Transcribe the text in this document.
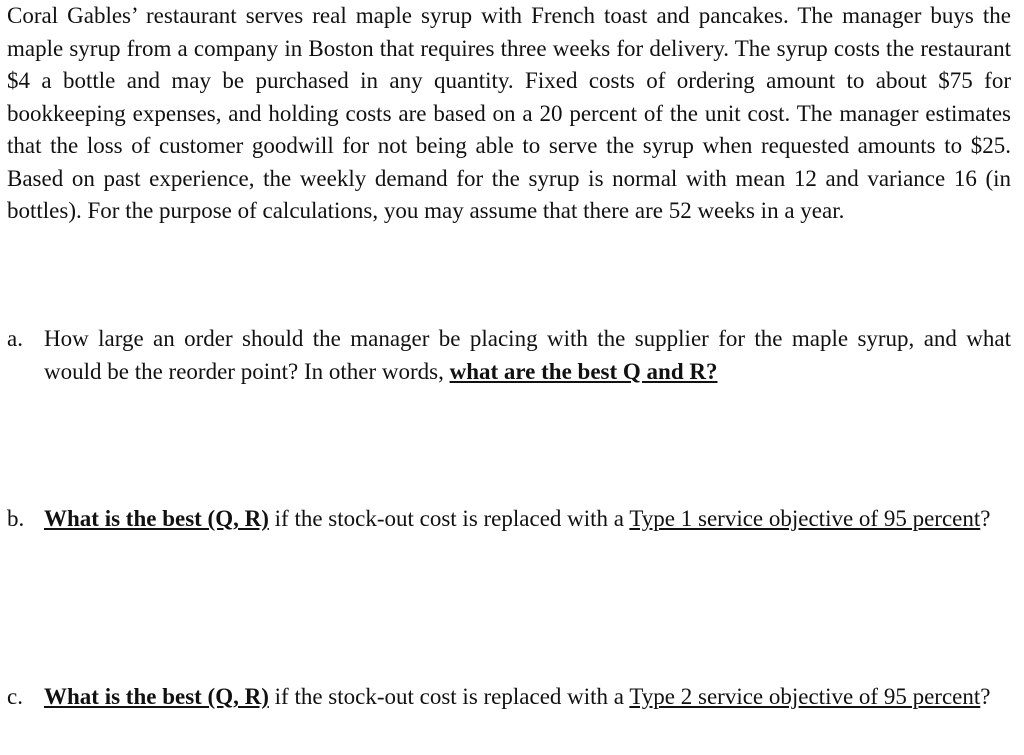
Coral Gables’ restaurant serves real maple syrup with French toast and pancakes. The manager buys the maple syrup from a company in Boston that requires three weeks for delivery. The syrup costs the restaurant $4 a bottle and may be purchased in any quantity. Fixed costs of ordering amount to about $75 for bookkeeping expenses, and holding costs are based on a 20 percent of the unit cost. The manager estimates that the loss of customer goodwill for not being able to serve the syrup when requested amounts to $25. Based on past experience, the weekly demand for the syrup is normal with mean 12 and variance 16 (in bottles). For the purpose of calculations, you may assume that there are 52 weeks in a year.

a. How large an order should the manager be placing with the supplier for the maple syrup, and what would be the reorder point? In other words, what are the best Q and R?
b. What is the best (Q, R) if the stock-out cost is replaced with a Type 1 service objective of 95 percent?
c. What is the best (Q, R) if the stock-out cost is replaced with a Type 2 service objective of 95 percent?
